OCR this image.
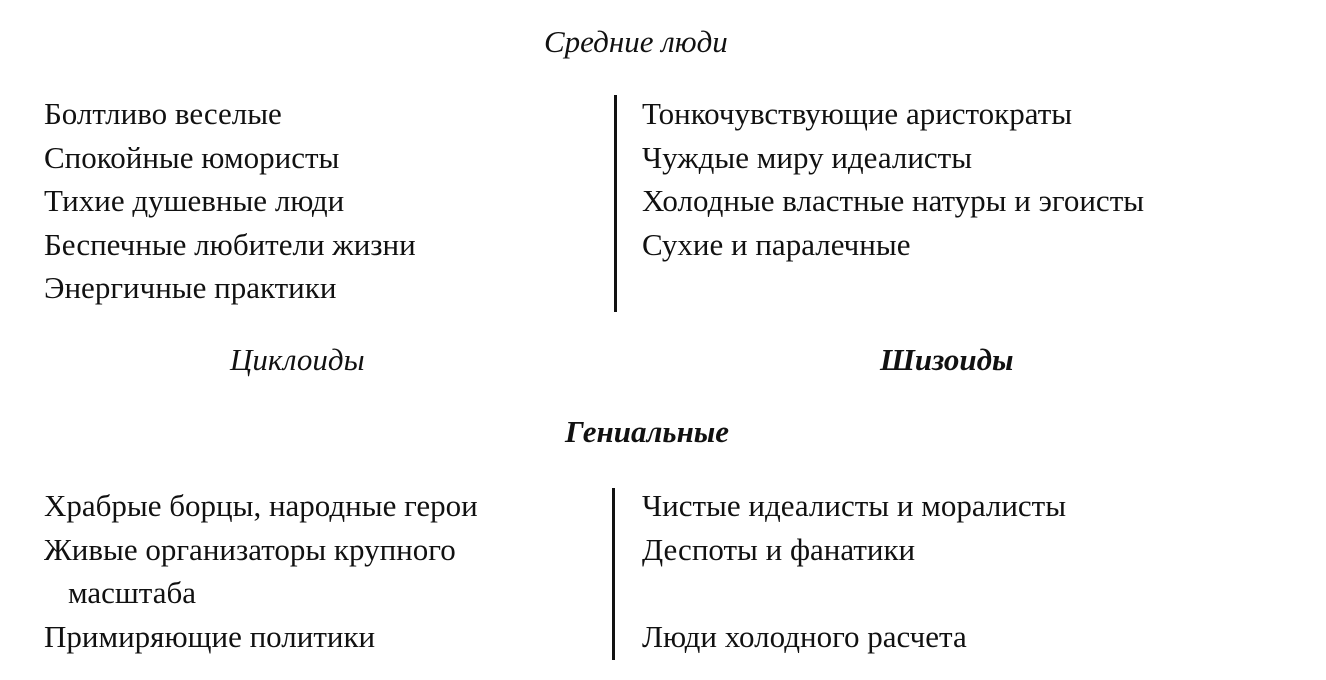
Средние люди
Болтливо веселые
Спокойные юмористы
Тихие душевные люди
Беспечные любители жизни
Энергичные практики
Тонкочувствующие аристократы
Чуждые миру идеалисты
Холодные властные натуры и эгоисты
Сухие и паралечные
Циклоиды	Шизоиды
Гениальные
Храбрые борцы, народные герои
Живые организаторы крупного
масштаба
Примиряющие политики
Чистые идеалисты и моралисты
Деспоты и фанатики

Люди холодного расчета
